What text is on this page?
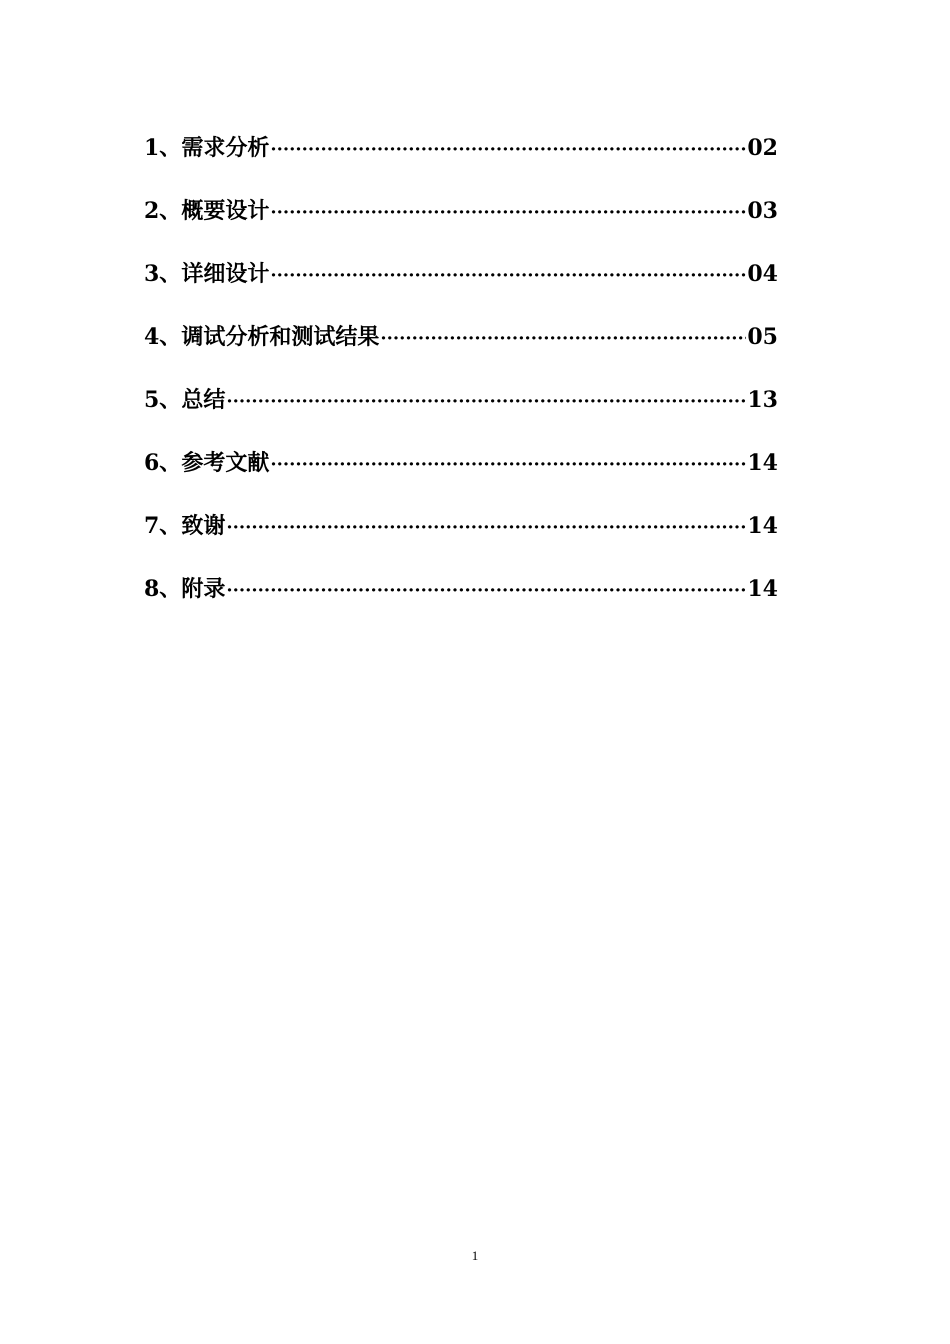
1、 需求分析 ·····	02
2、 概要设计 ·····	03
3、 详细设计 ·····	04
4、 调试分析和测试结果 ·····	05
5、 总结 ·····	13
6、 参考文献 ·····	14
7、 致谢 ·····	14
8、 附录 ·····	14
1
